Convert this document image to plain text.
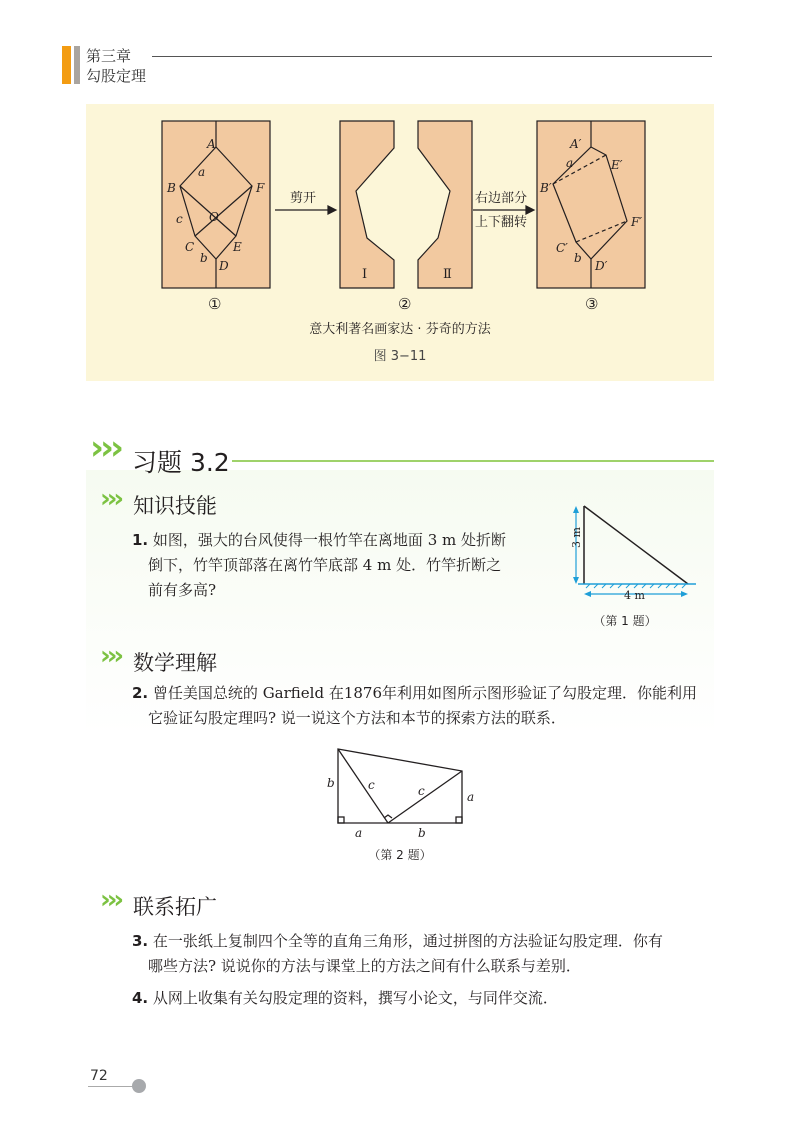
第三章
勾股定理
A
B	F
O
C	E
D
a
c
b
A′
B′
E′
F′
C′
D′
a
b
剪开	右边部分
上下翻转
Ⅰ	Ⅱ
①	②	③
意大利著名画家达 · 芬奇的方法
图 3−11
››› 习题 3.2
››› 知识技能
1. 如图，强大的台风使得一根竹竿在离地面 3 m 处折断
倒下，竹竿顶部落在离竹竿底部 4 m 处．竹竿折断之
前有多高?
3 m
4 m
（第 1 题）
››› 数学理解
2. 曾任美国总统的 Garfield 在1876年利用如图所示图形验证了勾股定理．你能利用
它验证勾股定理吗? 说一说这个方法和本节的探索方法的联系．
b	c	c	a
a	b
（第 2 题）
››› 联系拓广
3. 在一张纸上复制四个全等的直角三角形，通过拼图的方法验证勾股定理．你有
哪些方法? 说说你的方法与课堂上的方法之间有什么联系与差别．
4. 从网上收集有关勾股定理的资料，撰写小论文，与同伴交流．
72
